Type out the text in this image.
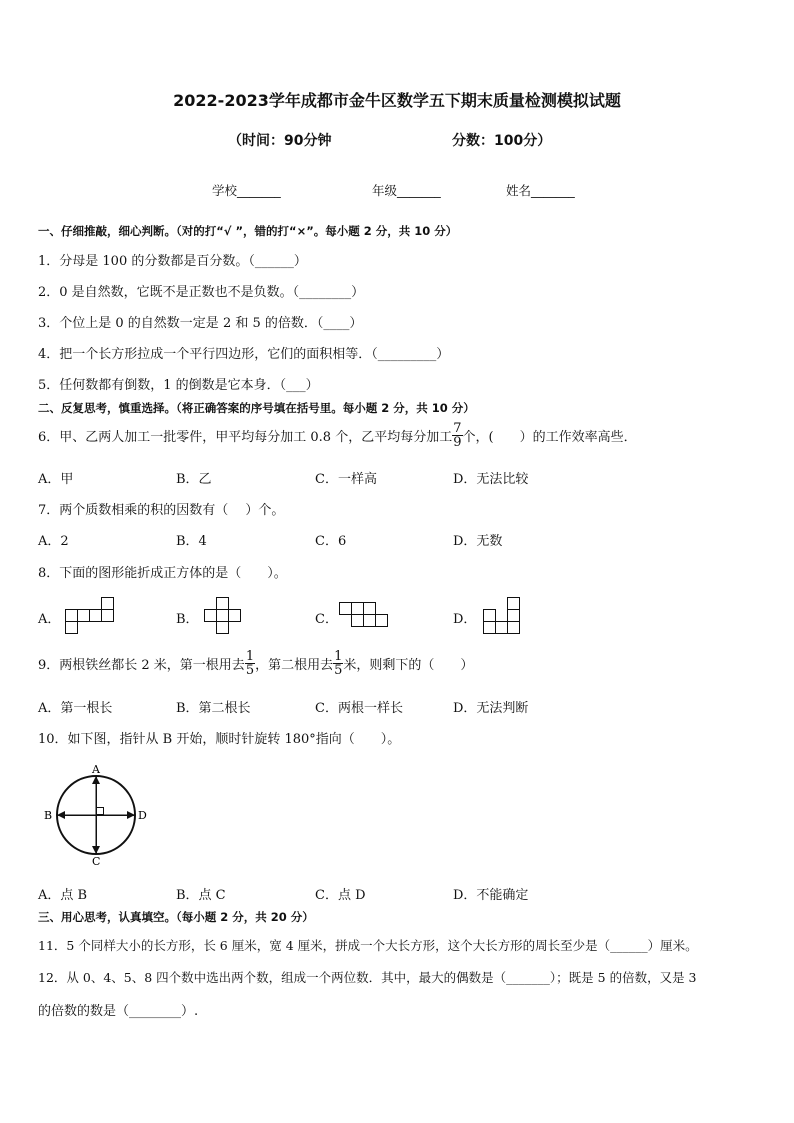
2022-2023学年成都市金牛区数学五下期末质量检测模拟试题
（时间：90分钟	分数：100分）
学校_______	年级_______	姓名_______
一、仔细推敲，细心判断。（对的打“√ ”，错的打“×”。每小题 2 分，共 10 分）
1．分母是 100 的分数都是百分数。（______）
2．0 是自然数，它既不是正数也不是负数。（________）
3．个位上是 0 的自然数一定是 2 和 5 的倍数．（____）
4．把一个长方形拉成一个平行四边形，它们的面积相等．（_________）
5．任何数都有倒数，1 的倒数是它本身．（___）
二、反复思考，慎重选择。（将正确答案的序号填在括号里。每小题 2 分，共 10 分）
6．甲、乙两人加工一批零件，甲平均每分加工 0.8 个，乙平均每分加工 $\frac{7}{9}$ 个，(　　）的工作效率高些．
A．甲	B．乙	C．一样高	D．无法比较
7．两个质数相乘的积的因数有（　 ）个。
A．2	B．4	C．6	D．无数
8．下面的图形能折成正方体的是（　　）。
A．	B．	C．	D．
9．两根铁丝都长 2 米，第一根用去 $\frac{1}{5}$ ，第二根用去 $\frac{1}{5}$ 米，则剩下的（　　）
A．第一根长	B．第二根长	C．两根一样长	D．无法判断
10．如下图，指针从 B 开始，顺时针旋转 180°指向（　　）。
A
B
C
D
A．点 B	B．点 C	C．点 D	D．不能确定
三、用心思考，认真填空。（每小题 2 分，共 20 分）
11．5 个同样大小的长方形，长 6 厘米，宽 4 厘米，拼成一个大长方形，这个大长方形的周长至少是（______）厘米。
12．从 0、4、5、8 四个数中选出两个数，组成一个两位数．其中，最大的偶数是（_______）；既是 5 的倍数，又是 3
的倍数的数是（________）.
